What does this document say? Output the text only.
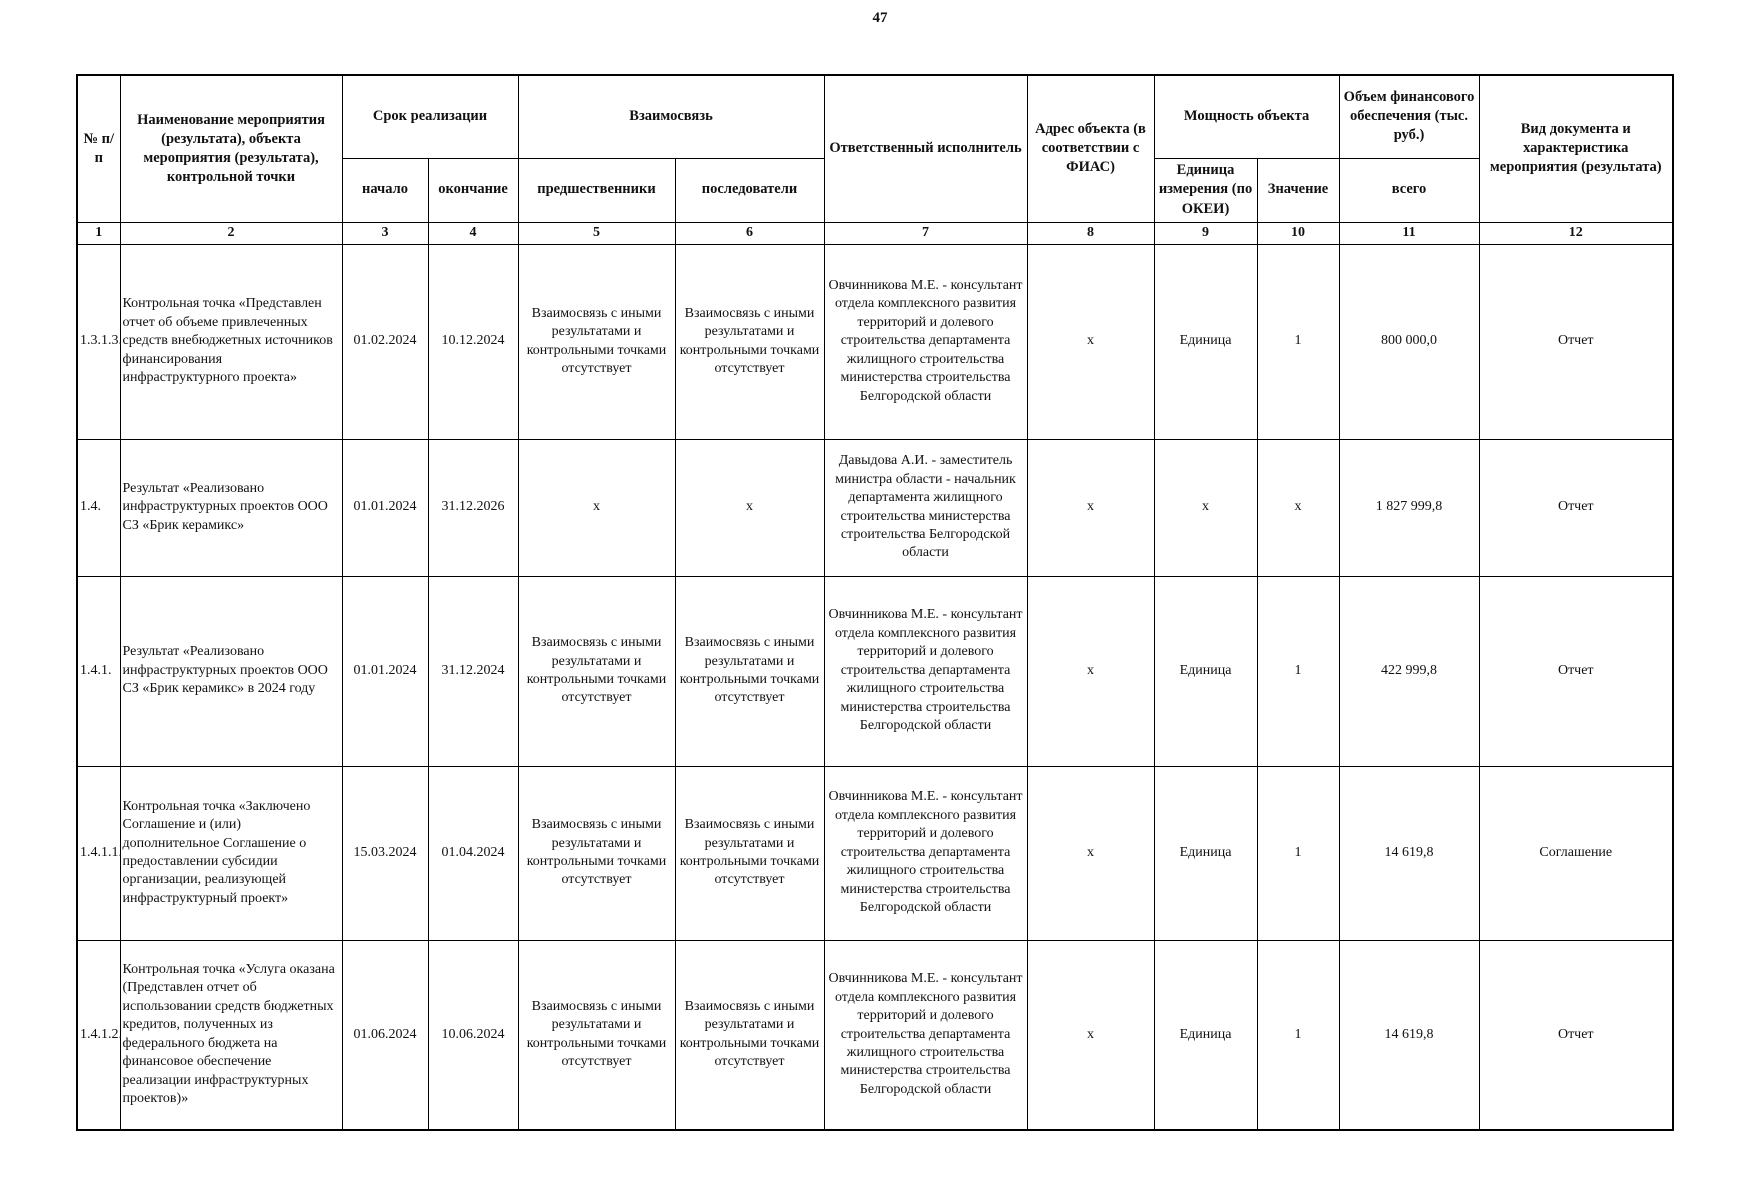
47
№ п/п	Наименование мероприятия (результата), объекта мероприятия (результата), контрольной точки	Срок реализации		Взаимосвязь		Ответственный исполнитель	Адрес объекта (в соответствии с ФИАС)	Мощность объекта		Объем финансового обеспечения (тыс. руб.)	Вид документа и характеристика мероприятия (результата)
		начало	окончание	предшественники	последователи			Единица измерения (по ОКЕИ)	Значение	всего	
1	2	3	4	5	6	7	8	9	10	11	12
1.3.1.3.	Контрольная точка «Представлен отчет об объеме привлеченных средств внебюджетных источников финансирования инфраструктурного проекта»	01.02.2024	10.12.2024	Взаимосвязь с иными результатами и контрольными точками отсутствует	Взаимосвязь с иными результатами и контрольными точками отсутствует	Овчинникова М.Е. - консультант отдела комплексного развития территорий и долевого строительства департамента жилищного строительства министерства строительства Белгородской области	х	Единица	1	800 000,0	Отчет
1.4.	Результат «Реализовано инфраструктурных проектов ООО СЗ «Брик керамикс»	01.01.2024	31.12.2026	х	х	Давыдова А.И. - заместитель министра области - начальник департамента жилищного строительства министерства строительства Белгородской области	х	х	х	1 827 999,8	Отчет
1.4.1.	Результат «Реализовано инфраструктурных проектов ООО СЗ «Брик керамикс» в 2024 году	01.01.2024	31.12.2024	Взаимосвязь с иными результатами и контрольными точками отсутствует	Взаимосвязь с иными результатами и контрольными точками отсутствует	Овчинникова М.Е. - консультант отдела комплексного развития территорий и долевого строительства департамента жилищного строительства министерства строительства Белгородской области	х	Единица	1	422 999,8	Отчет
1.4.1.1.	Контрольная точка «Заключено Соглашение и (или) дополнительное Соглашение о предоставлении субсидии организации, реализующей инфраструктурный проект»	15.03.2024	01.04.2024	Взаимосвязь с иными результатами и контрольными точками отсутствует	Взаимосвязь с иными результатами и контрольными точками отсутствует	Овчинникова М.Е. - консультант отдела комплексного развития территорий и долевого строительства департамента жилищного строительства министерства строительства Белгородской области	х	Единица	1	14 619,8	Соглашение
1.4.1.2.	Контрольная точка «Услуга оказана (Представлен отчет об использовании средств бюджетных кредитов, полученных из федерального бюджета на финансовое обеспечение реализации инфраструктурных проектов)»	01.06.2024	10.06.2024	Взаимосвязь с иными результатами и контрольными точками отсутствует	Взаимосвязь с иными результатами и контрольными точками отсутствует	Овчинникова М.Е. - консультант отдела комплексного развития территорий и долевого строительства департамента жилищного строительства министерства строительства Белгородской области	х	Единица	1	14 619,8	Отчет
